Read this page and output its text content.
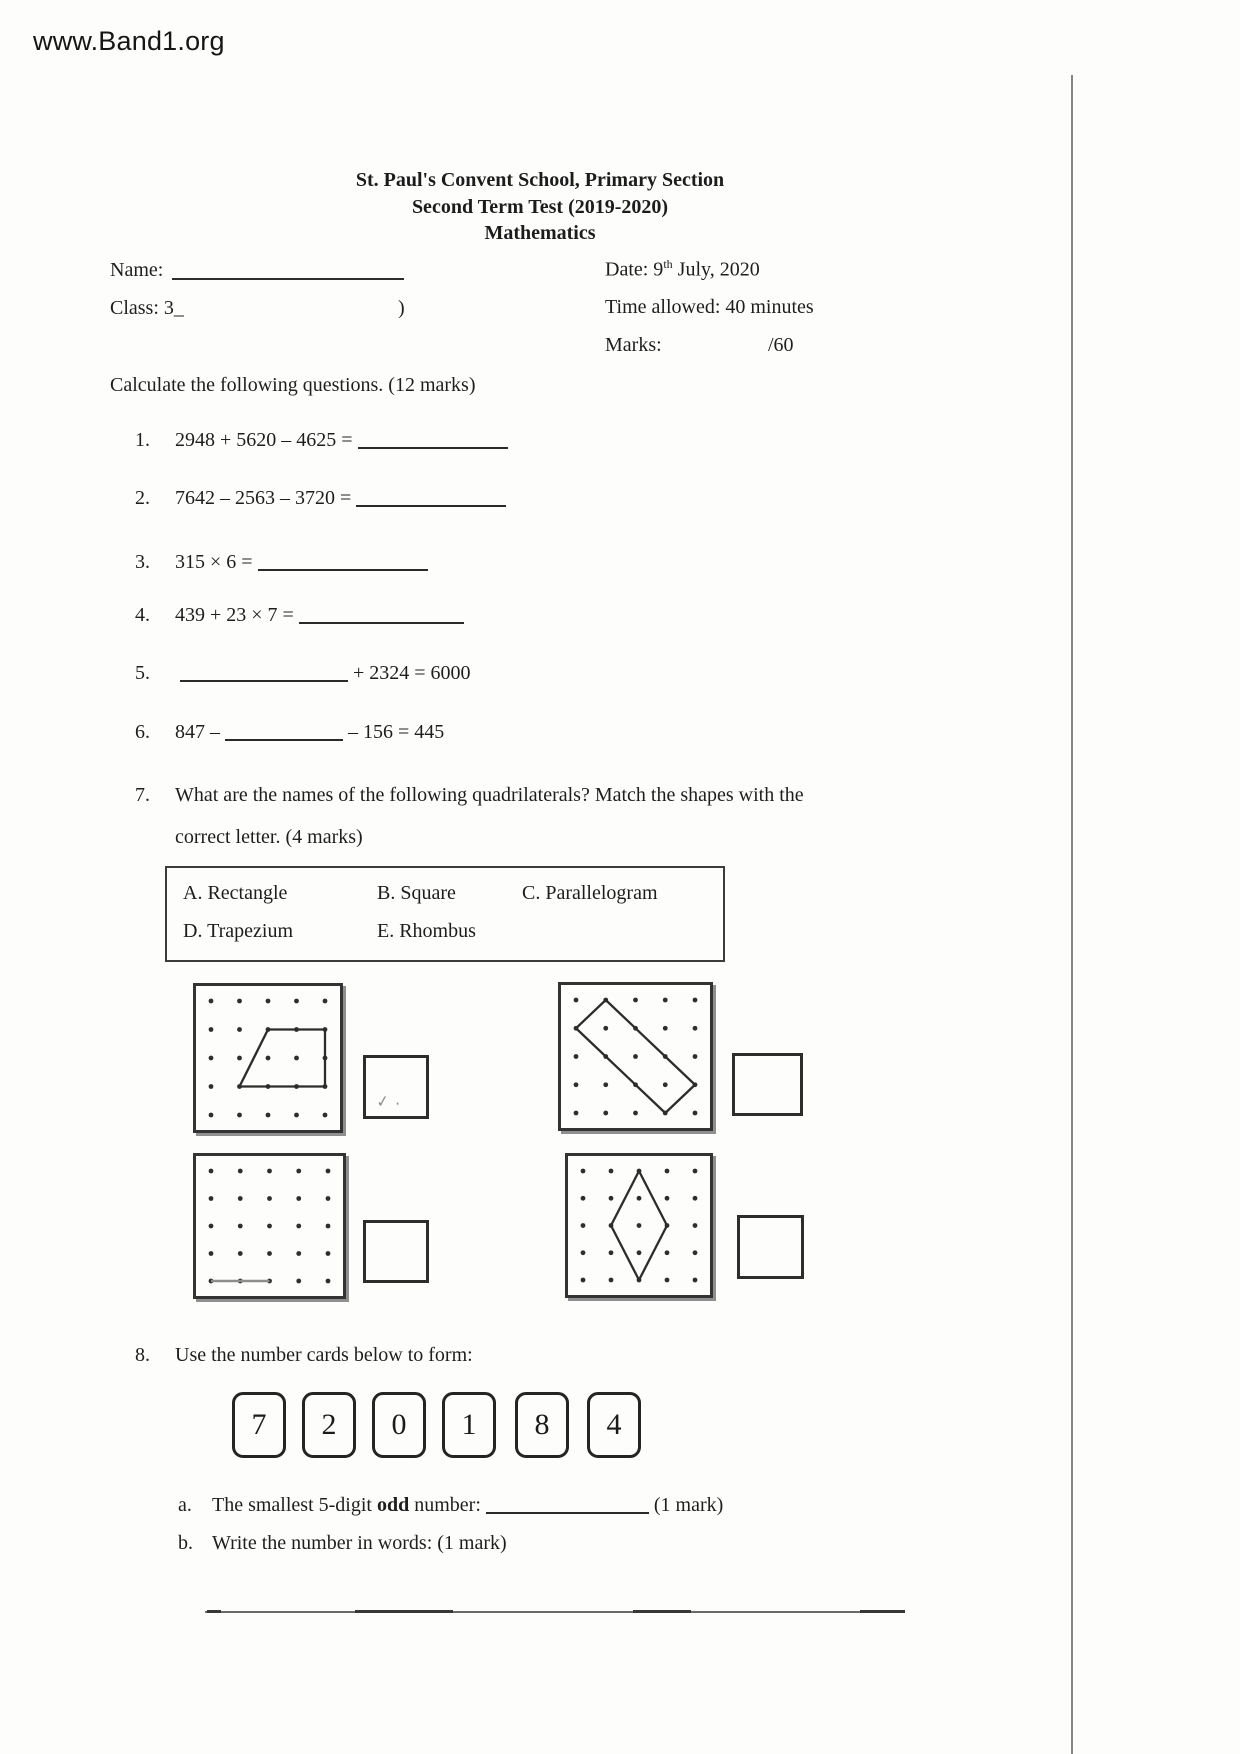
www.Band1.org
St. Paul's Convent School, Primary Section
Second Term Test (2019-2020)
Mathematics
Name:	Date: 9th July, 2020
Class: 3_	)	Time allowed: 40 minutes
Marks:	/60
Calculate the following questions. (12 marks)
1. 2948 + 5620 – 4625 =
2. 7642 – 2563 – 3720 =
3. 315 × 6 =
4. 439 + 23 × 7 =
5.	+ 2324 = 6000
6. 847 –	– 156 = 445
7. What are the names of the following quadrilaterals? Match the shapes with the
correct letter. (4 marks)
A. Rectangle	B. Square	C. Parallelogram
D. Trapezium	E. Rhombus
✓ .
8. Use the number cards below to form:
7 2 0 1 8 4
a. The smallest 5-digit odd number:	(1 mark)
b. Write the number in words: (1 mark)
